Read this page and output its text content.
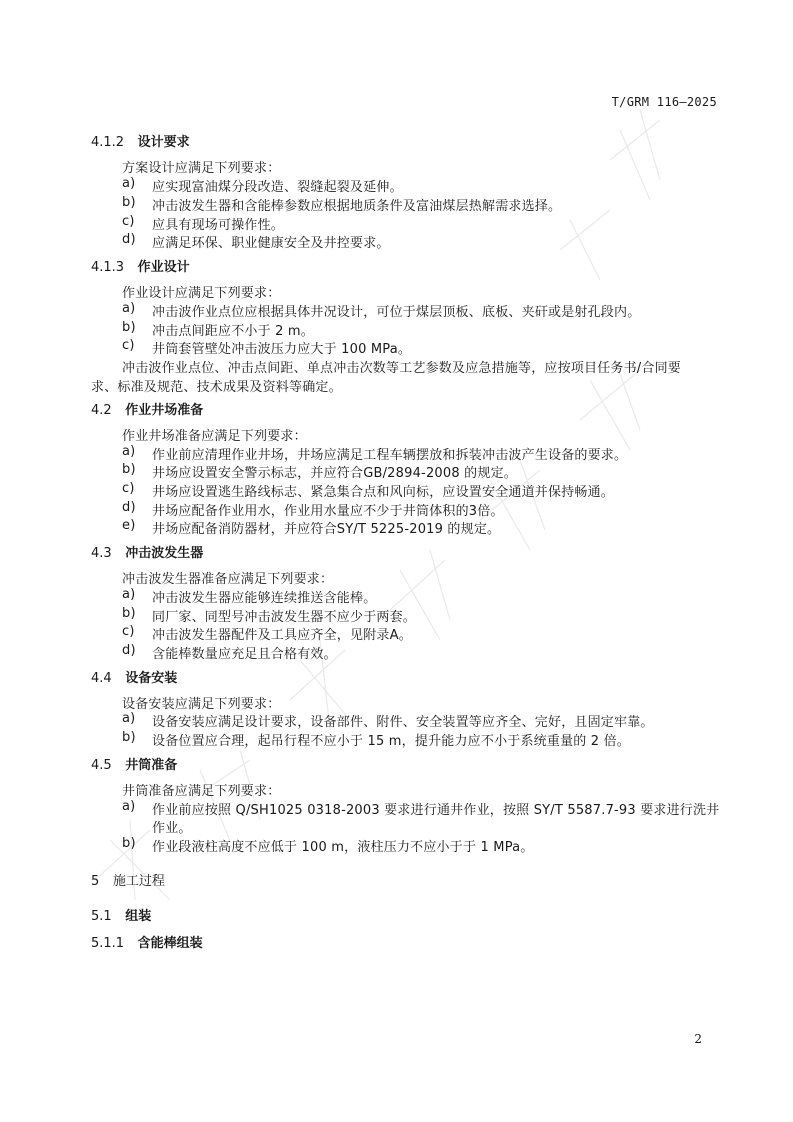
T/GRM 116—2025
4.1.2 设计要求
方案设计应满足下列要求：
a)	应实现富油煤分段改造、裂缝起裂及延伸。
b)	冲击波发生器和含能棒参数应根据地质条件及富油煤层热解需求选择。
c)	应具有现场可操作性。
d)	应满足环保、职业健康安全及井控要求。
4.1.3 作业设计
作业设计应满足下列要求：
a)	冲击波作业点位应根据具体井况设计，可位于煤层顶板、底板、夹矸或是射孔段内。
b)	冲击点间距应不小于 2 m。
c)	井筒套管壁处冲击波压力应大于 100 MPa。
冲击波作业点位、冲击点间距、单点冲击次数等工艺参数及应急措施等，应按项目任务书/合同要
求、标准及规范、技术成果及资料等确定。
4.2 作业井场准备
作业井场准备应满足下列要求：
a)	作业前应清理作业井场，井场应满足工程车辆摆放和拆装冲击波产生设备的要求。
b)	井场应设置安全警示标志，并应符合GB/2894-2008 的规定。
c)	井场应设置逃生路线标志、紧急集合点和风向标，应设置安全通道并保持畅通。
d)	井场应配备作业用水，作业用水量应不少于井筒体积的3倍。
e)	井场应配备消防器材，并应符合SY/T 5225-2019 的规定。
4.3 冲击波发生器
冲击波发生器准备应满足下列要求：
a)	冲击波发生器应能够连续推送含能棒。
b)	同厂家、同型号冲击波发生器不应少于两套。
c)	冲击波发生器配件及工具应齐全，见附录A。
d)	含能棒数量应充足且合格有效。
4.4 设备安装
设备安装应满足下列要求：
a)	设备安装应满足设计要求，设备部件、附件、安全装置等应齐全、完好，且固定牢靠。
b)	设备位置应合理，起吊行程不应小于 15 m，提升能力应不小于系统重量的 2 倍。
4.5 井筒准备
井筒准备应满足下列要求：
a)	作业前应按照 Q/SH1025 0318-2003 要求进行通井作业，按照 SY/T 5587.7-93 要求进行洗井
作业。
b)	作业段液柱高度不应低于 100 m，液柱压力不应小于于 1 MPa。
5 施工过程
5.1 组装
5.1.1 含能棒组装
2
